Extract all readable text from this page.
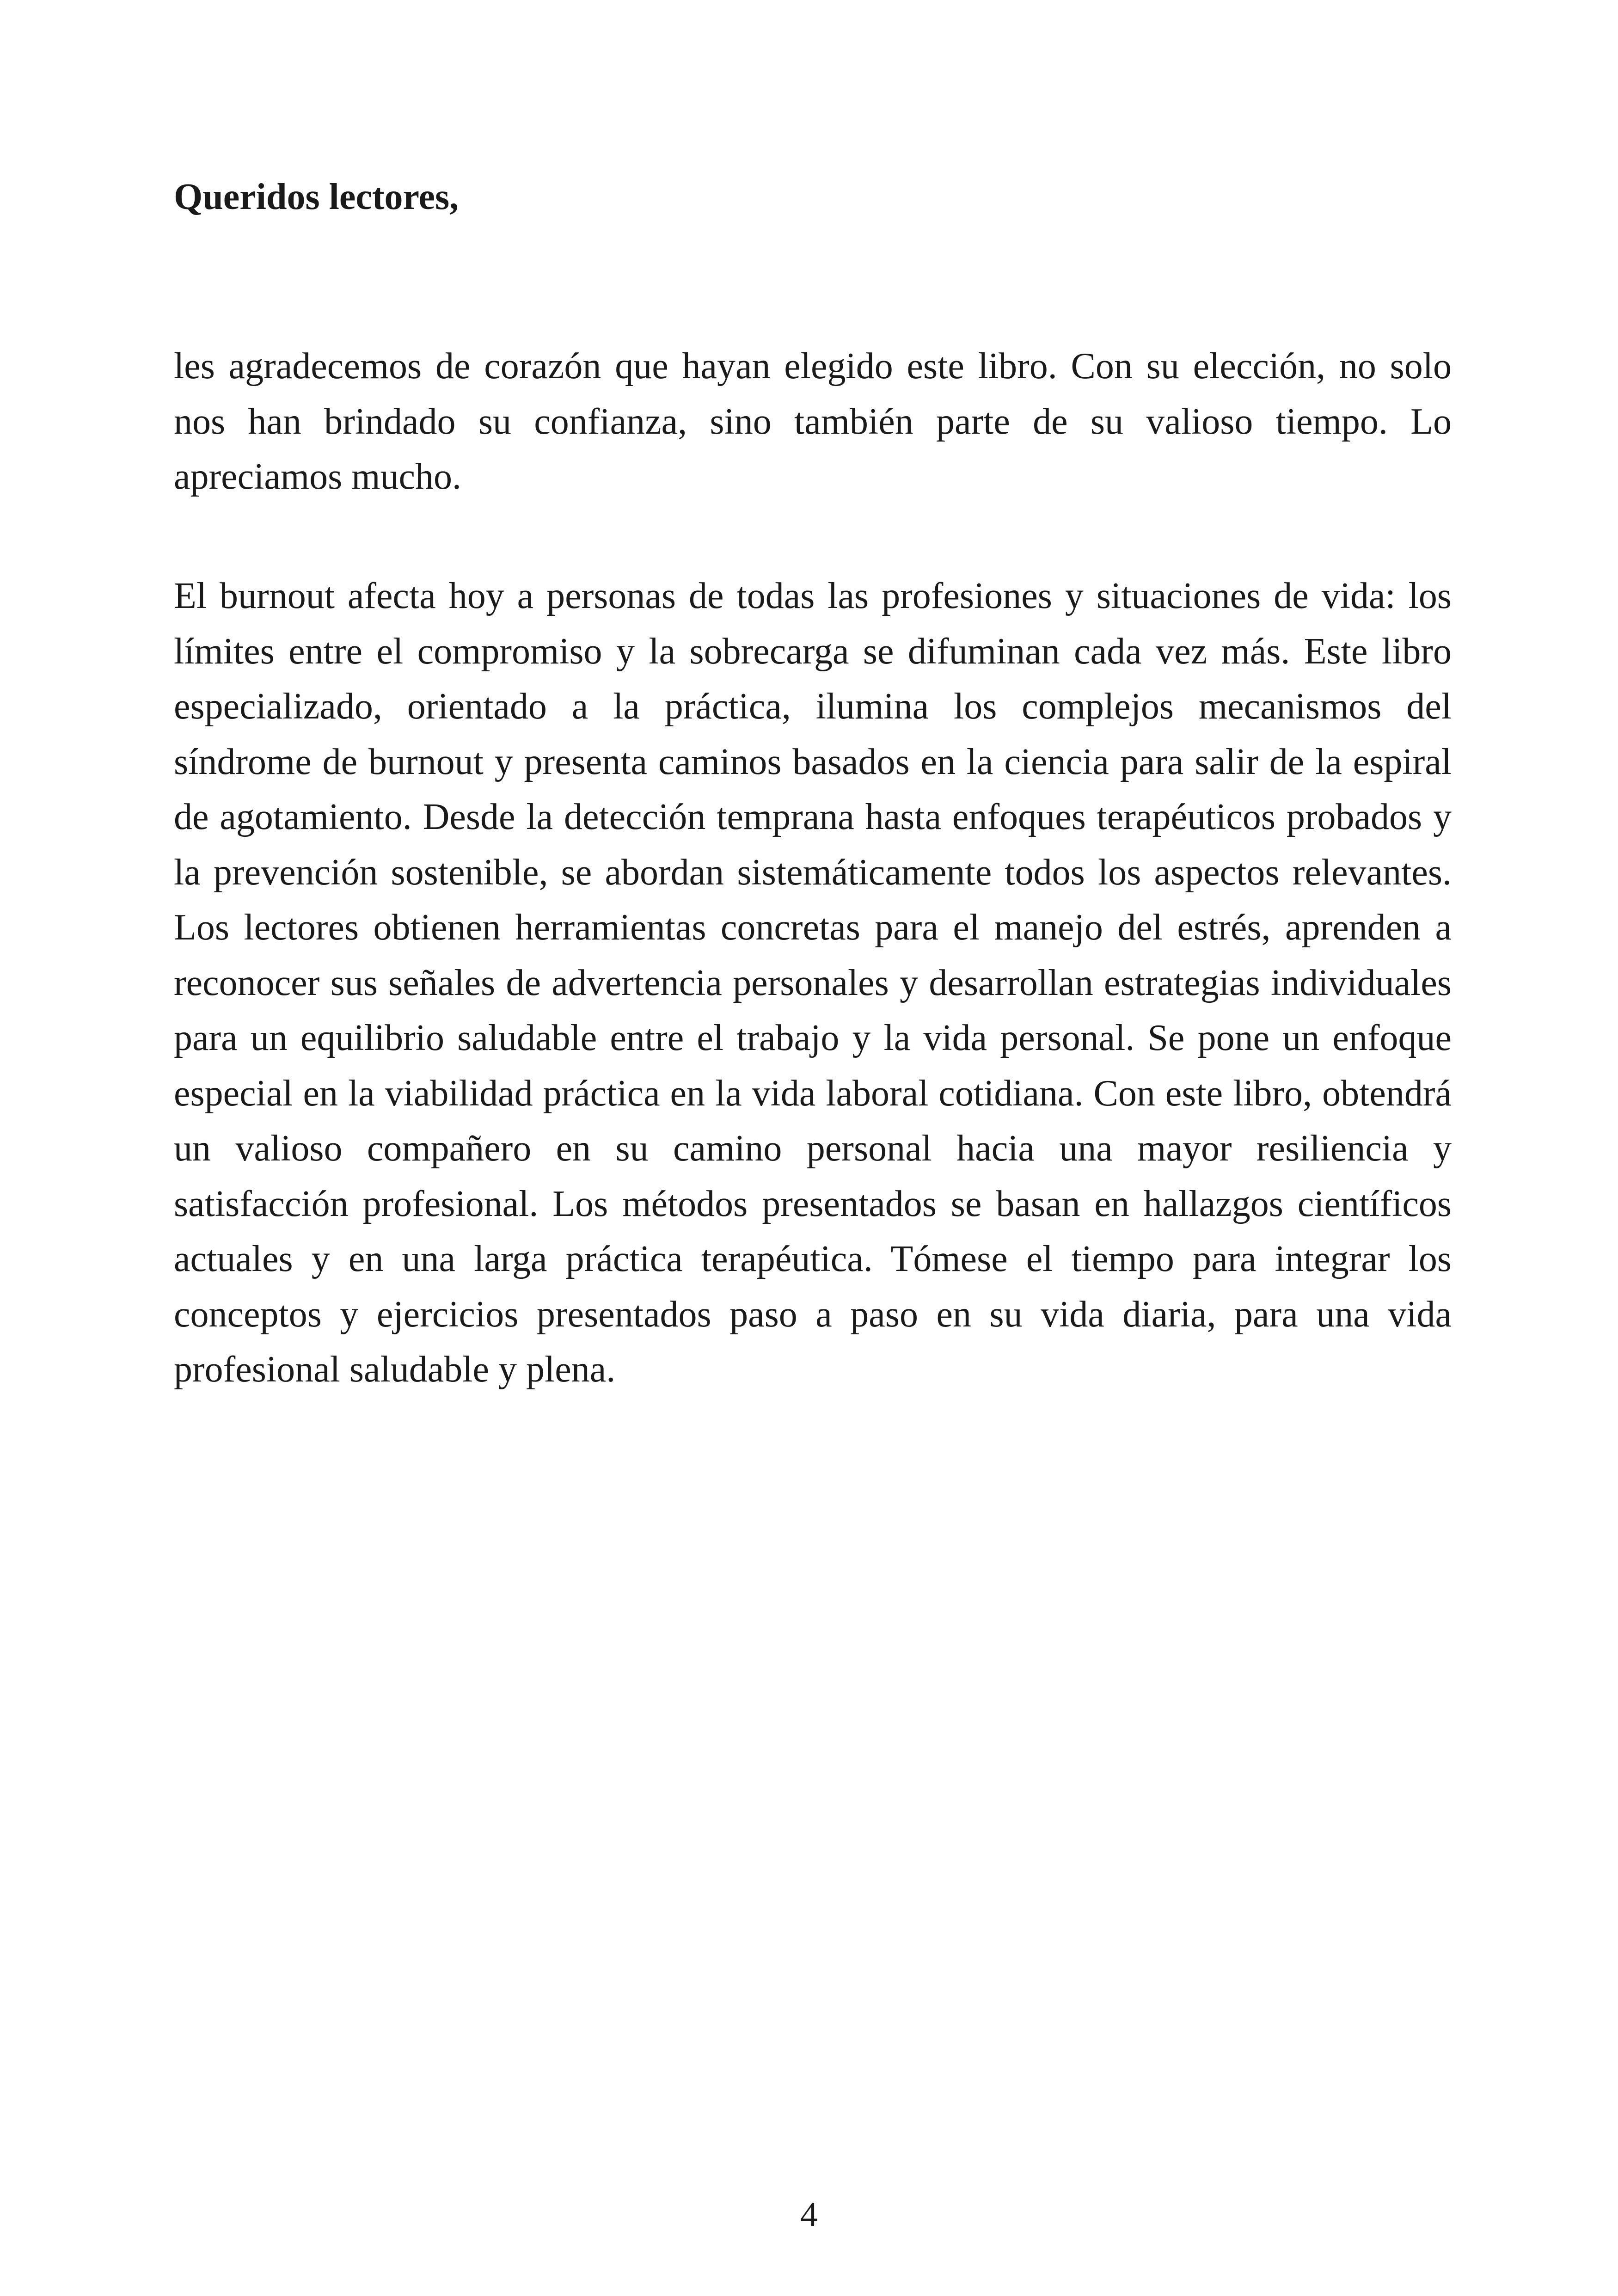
Queridos lectores,

les agradecemos de corazón que hayan elegido este libro. Con su elección, no solo nos han brindado su confianza, sino también parte de su valioso tiempo. Lo apreciamos mucho.

El burnout afecta hoy a personas de todas las profesiones y situaciones de vida: los límites entre el compromiso y la sobrecarga se difuminan cada vez más. Este libro especializado, orientado a la práctica, ilumina los complejos mecanismos del síndrome de burnout y presenta caminos basados en la ciencia para salir de la espiral de agotamiento. Desde la detección temprana hasta enfoques terapéuticos probados y la prevención sostenible, se abordan sistemáticamente todos los aspectos relevantes. Los lectores obtienen herramientas concretas para el manejo del estrés, aprenden a reconocer sus señales de advertencia personales y desarrollan estrategias individuales para un equilibrio saludable entre el trabajo y la vida personal. Se pone un enfoque especial en la viabilidad práctica en la vida laboral cotidiana. Con este libro, obtendrá un valioso compañero en su camino personal hacia una mayor resiliencia y satisfacción profesional. Los métodos presentados se basan en hallazgos científicos actuales y en una larga práctica terapéutica. Tómese el tiempo para integrar los conceptos y ejercicios presentados paso a paso en su vida diaria, para una vida profesional saludable y plena.

4
